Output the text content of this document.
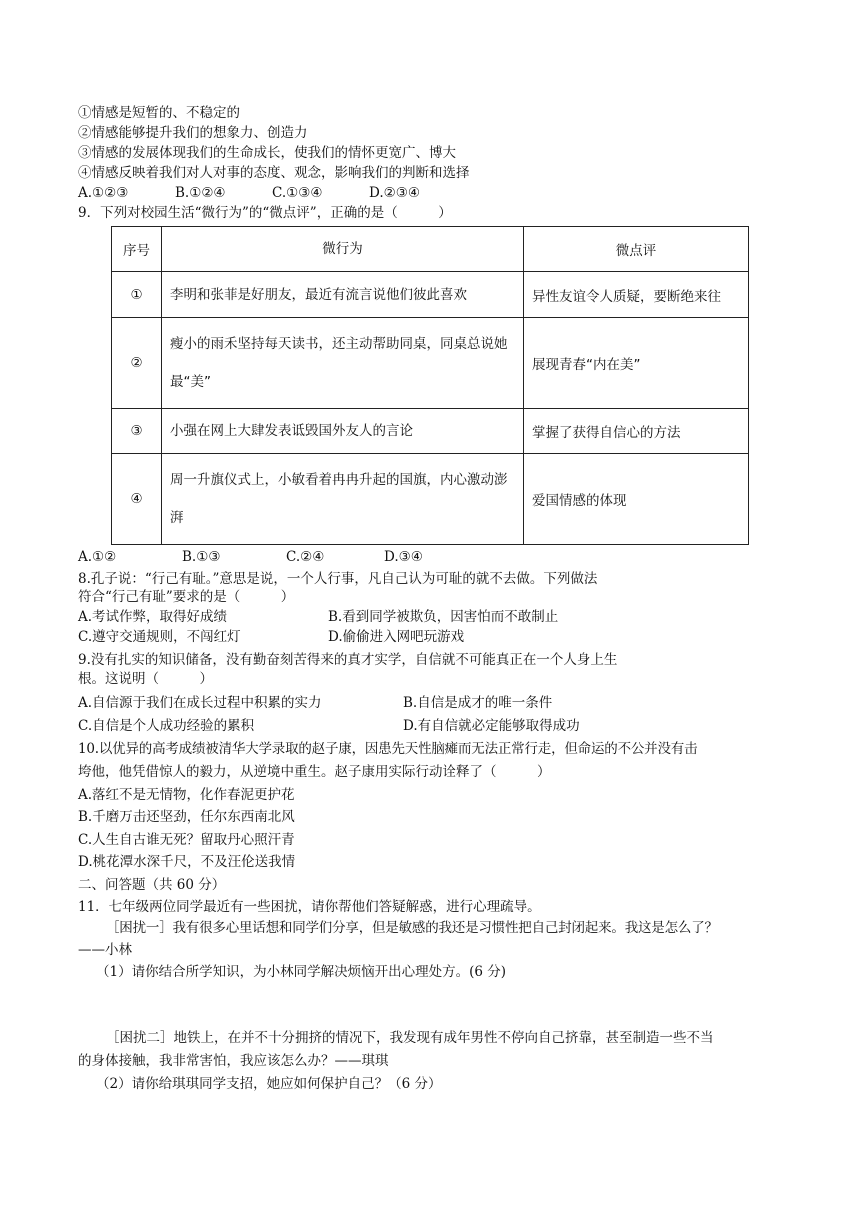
①情感是短暂的、不稳定的
②情感能够提升我们的想象力、创造力
③情感的发展体现我们的生命成长，使我们的情怀更宽广、博大
④情感反映着我们对人对事的态度、观念，影响我们的判断和选择
A.①②③	B.①②④	C.①③④	D.②③④
9．下列对校园生活“微行为”的“微点评”，正确的是（　　　）
序号	微行为	微点评
①	李明和张菲是好朋友，最近有流言说他们彼此喜欢	异性友谊令人质疑，要断绝来往
②	瘦小的雨禾坚持每天读书，还主动帮助同桌，同桌总说她最“美”	展现青春“内在美”
③	小强在网上大肆发表诋毁国外友人的言论	掌握了获得自信心的方法
④	周一升旗仪式上，小敏看着冉冉升起的国旗，内心激动澎湃	爱国情感的体现
A.①②	B.①③	C.②④	D.③④
8.孔子说：“行己有耻。”意思是说，一个人行事，凡自己认为可耻的就不去做。下列做法
符合“行己有耻”要求的是（　　　）
A.考试作弊，取得好成绩	B.看到同学被欺负，因害怕而不敢制止
C.遵守交通规则，不闯红灯	D.偷偷进入网吧玩游戏
9.没有扎实的知识储备，没有勤奋刻苦得来的真才实学，自信就不可能真正在一个人身上生
根。这说明（　　　）
A.自信源于我们在成长过程中积累的实力	B.自信是成才的唯一条件
C.自信是个人成功经验的累积	D.有自信就必定能够取得成功
10.以优异的高考成绩被清华大学录取的赵子康，因患先天性脑瘫而无法正常行走，但命运的不公并没有击
垮他，他凭借惊人的毅力，从逆境中重生。赵子康用实际行动诠释了（　　　）
A.落红不是无情物，化作春泥更护花
B.千磨万击还坚劲，任尔东西南北风
C.人生自古谁无死？留取丹心照汗青
D.桃花潭水深千尺，不及汪伦送我情
二、问答题（共 60 分）
11．七年级两位同学最近有一些困扰，请你帮他们答疑解惑，进行心理疏导。
［困扰一］我有很多心里话想和同学们分享，但是敏感的我还是习惯性把自己封闭起来。我这是怎么了？
——小林
（1）请你结合所学知识，为小林同学解决烦恼开出心理处方。(6 分)
［困扰二］地铁上，在并不十分拥挤的情况下，我发现有成年男性不停向自己挤靠，甚至制造一些不当
的身体接触，我非常害怕，我应该怎么办？——琪琪
（2）请你给琪琪同学支招，她应如何保护自己？（6 分）
